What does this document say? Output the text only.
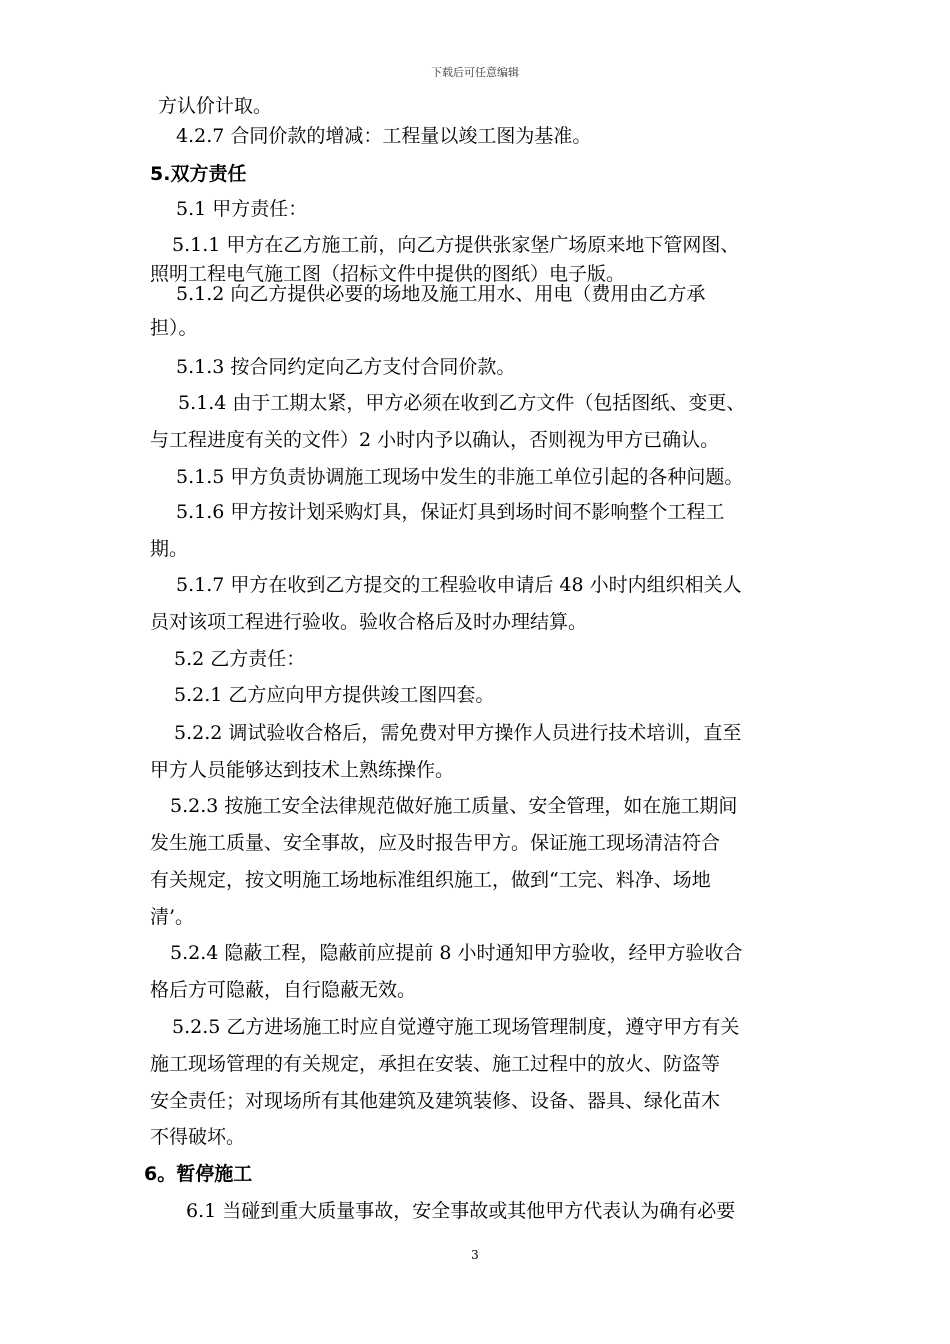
下载后可任意编辑
方认价计取。
4.2.7 合同价款的增减：工程量以竣工图为基准。
5.双方责任
5.1 甲方责任：
5.1.1 甲方在乙方施工前，向乙方提供张家堡广场原来地下管网图、
照明工程电气施工图（招标文件中提供的图纸）电子版。
5.1.2 向乙方提供必要的场地及施工用水、用电（费用由乙方承
担）。
5.1.3 按合同约定向乙方支付合同价款。
5.1.4 由于工期太紧，甲方必须在收到乙方文件（包括图纸、变更、
与工程进度有关的文件）2 小时内予以确认，否则视为甲方已确认。
5.1.5 甲方负责协调施工现场中发生的非施工单位引起的各种问题。
5.1.6 甲方按计划采购灯具，保证灯具到场时间不影响整个工程工
期。
5.1.7 甲方在收到乙方提交的工程验收申请后 48 小时内组织相关人
员对该项工程进行验收。验收合格后及时办理结算。
5.2 乙方责任：
5.2.1 乙方应向甲方提供竣工图四套。
5.2.2 调试验收合格后，需免费对甲方操作人员进行技术培训，直至
甲方人员能够达到技术上熟练操作。
5.2.3 按施工安全法律规范做好施工质量、安全管理，如在施工期间
发生施工质量、安全事故，应及时报告甲方。保证施工现场清洁符合
有关规定，按文明施工场地标准组织施工，做到“工完、料净、场地
清’。
5.2.4 隐蔽工程，隐蔽前应提前 8 小时通知甲方验收，经甲方验收合
格后方可隐蔽，自行隐蔽无效。
5.2.5 乙方进场施工时应自觉遵守施工现场管理制度，遵守甲方有关
施工现场管理的有关规定，承担在安装、施工过程中的放火、防盗等
安全责任；对现场所有其他建筑及建筑装修、设备、器具、绿化苗木
不得破坏。
6。暂停施工
6.1 当碰到重大质量事故，安全事故或其他甲方代表认为确有必要
3
